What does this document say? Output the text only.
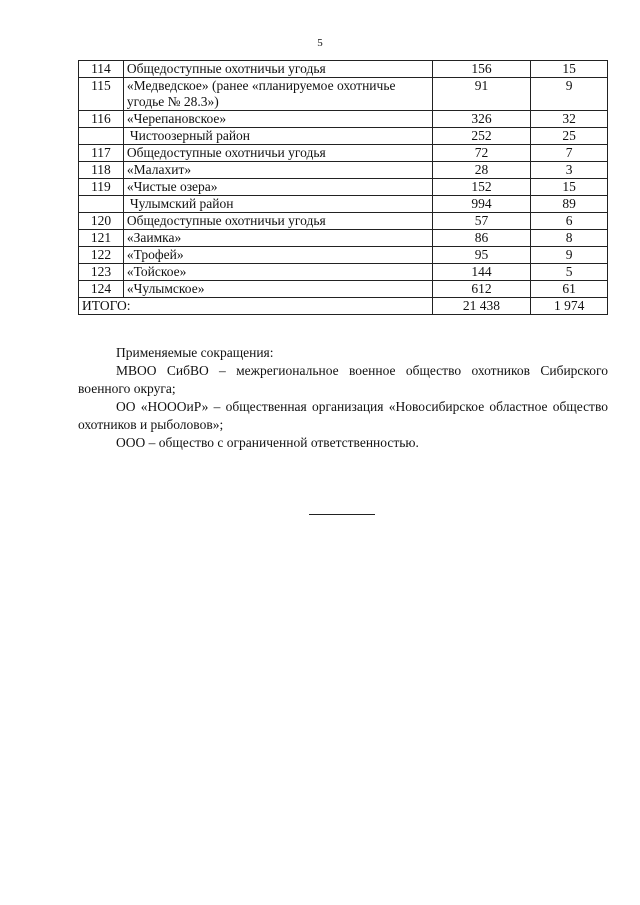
5
114	Общедоступные охотничьи угодья	156	15
115	«Медведское» (ранее «планируемое охотничье угодье № 28.3»)	91	9
116	«Черепановское»	326	32
	Чистоозерный район	252	25
117	Общедоступные охотничьи угодья	72	7
118	«Малахит»	28	3
119	«Чистые озера»	152	15
	Чулымский район	994	89
120	Общедоступные охотничьи угодья	57	6
121	«Заимка»	86	8
122	«Трофей»	95	9
123	«Тойское»	144	5
124	«Чулымское»	612	61
ИТОГО:		21 438	1 974

Применяемые сокращения:

МВОО СибВО – межрегиональное военное общество охотников Сибирского военного округа;

ОО «НОООиР» – общественная организация «Новосибирское областное общество охотников и рыболовов»;

ООО – общество с ограниченной ответственностью.
